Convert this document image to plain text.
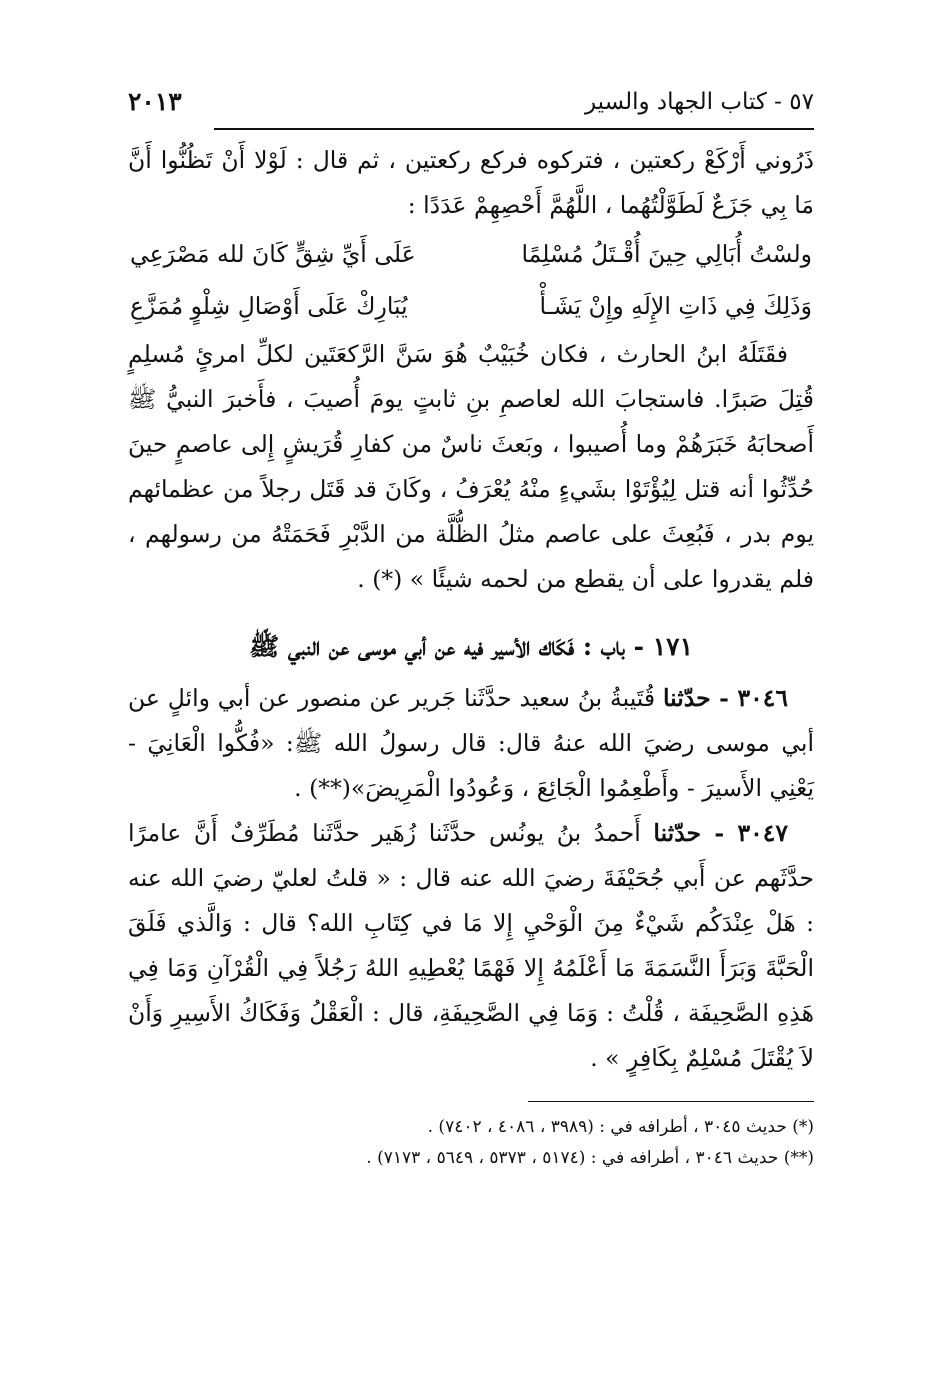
٥٧ - كتاب الجهاد والسير
٢٠١٣

ذَرُوني أَرْكَعْ ركعتين ، فتركوه فركع ركعتين ، ثم قال : لَوْلا أَنْ تَظُنُّوا أَنَّ مَا بِي جَزَعٌ لَطَوَّلْتُهُما ، اللَّهُمَّ أَحْصِهِمْ عَدَدًا :

ولسْتُ أُبَالِي حِينَ أُقْـتَلُ مُسْلِمًا
عَلَى أَيِّ شِقٍّ كَانَ لله مَصْرَعِي
وَذَلِكَ فِي ذَاتِ الإِلَهِ وإِنْ يَشَـأْ
يُبَارِكْ عَلَى أَوْصَالِ شِلْوٍ مُمَزَّعِ

فقَتَلَهُ ابنُ الحارث ، فكان خُبَيْبٌ هُوَ سَنَّ الرَّكعَتَين لكلِّ امرئٍ مُسلِمٍ قُتِلَ صَبرًا. فاستجابَ الله لعاصمِ بنِ ثابتٍ يومَ أُصيبَ ، فأَخبرَ النبيُّ ﷺ أَصحابَهُ خَبَرَهُمْ وما أُصيبوا ، وبَعثَ ناسٌ من كفارِ قُرَيشٍ إِلى عاصمٍ حينَ حُدِّثُوا أنه قتل لِيُؤْتَوْا بشَيءٍ منْهُ يُعْرَفُ ، وكَانَ قد قَتَل رجلاً من عظمائهم يوم بدر ، فَبُعِثَ على عاصم مثلُ الظُّلَّة من الدَّبْرِ فَحَمَتْهُ من رسولهم ، فلم يقدروا على أن يقطع من لحمه شيئًا » (*) .

١٧١ - باب : فَكَاك الأسير فيه عن أبي موسى عن النبي ﷺ

٣٠٤٦ - حدّثنا قُتَيبةُ بنُ سعيد حدَّثَنا جَرير عن منصور عن أبي وائلٍ عن أبي موسى رضيَ الله عنهُ قال: قال رسولُ الله ﷺ: «فُكُّوا الْعَانِيَ - يَعْنِي الأَسيرَ - وأَطْعِمُوا الْجَائِعَ ، وَعُودُوا الْمَرِيضَ»(**) .

٣٠٤٧ - حدّثنا أَحمدُ بنُ يونُس حدَّثَنا زُهَير حدَّثَنا مُطَرِّفٌ أَنَّ عامرًا حدَّثَهم عن أَبي جُحَيْفَةَ رضيَ الله عنه قال : « قلتُ لعليّ رضيَ الله عنه : هَلْ عِنْدَكُم شَيْءٌ مِنَ الْوَحْيِ إِلا مَا في كِتَابِ الله؟ قال : وَالَّذي فَلَقَ الْحَبَّةَ وَبَرَأَ النَّسَمَةَ مَا أَعْلَمُهُ إِلا فَهْمًا يُعْطِيهِ اللهُ رَجُلاً فِي الْقُرْآنِ وَمَا فِي هَذِهِ الصَّحِيفَة ، قُلْتُ : وَمَا فِي الصَّحِيفَةِ، قال : الْعَقْلُ وَفَكَاكُ الأَسِيرِ وَأَنْ لاَ يُقْتَلَ مُسْلِمٌ بِكَافِرٍ » .

(*) حديث ٣٠٤٥ ، أطرافه في : (٣٩٨٩ ، ٤٠٨٦ ، ٧٤٠٢) .

(**) حديث ٣٠٤٦ ، أطرافه في : (٥١٧٤ ، ٥٣٧٣ ، ٥٦٤٩ ، ٧١٧٣) .
